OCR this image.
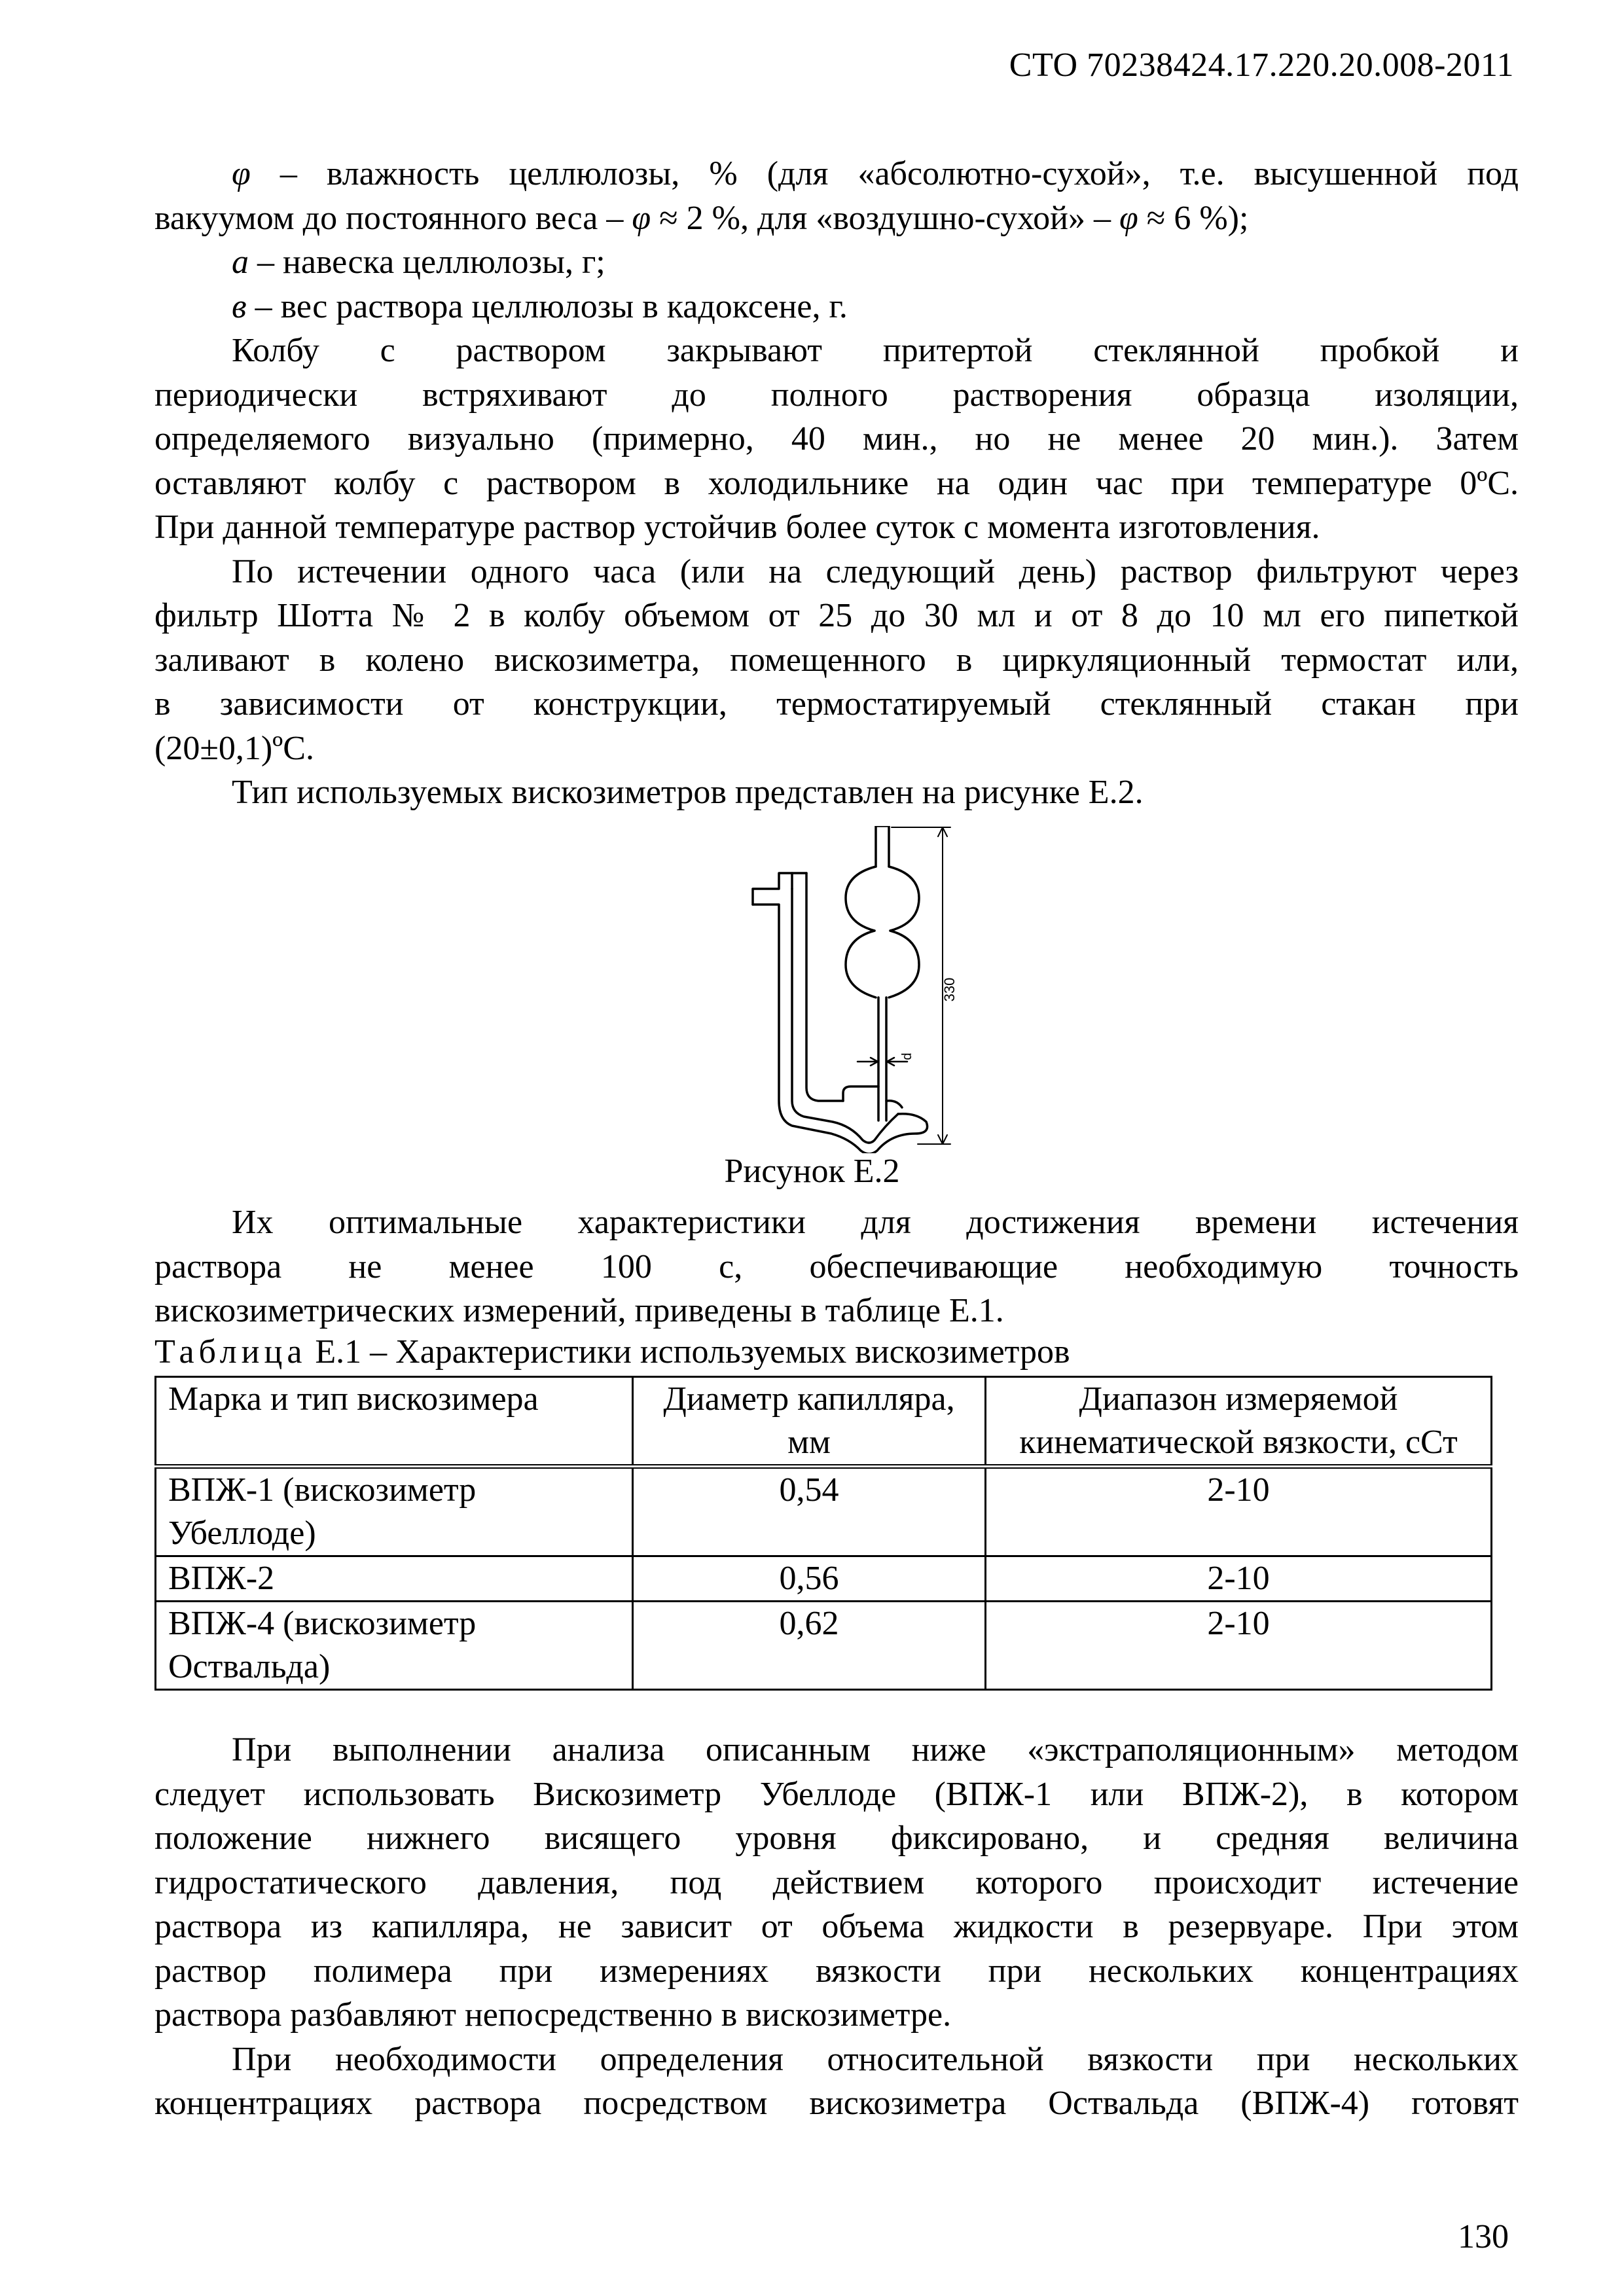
СТО 70238424.17.220.20.008-2011

φ – влажность целлюлозы, % (для «абсолютно-сухой», т.е. высушенной под

вакуумом до постоянного веса – φ ≈ 2 %, для «воздушно-сухой» – φ ≈ 6 %);

а – навеска целлюлозы, г;

в – вес раствора целлюлозы в кадоксене, г.

Колбу с раствором закрывают притертой стеклянной пробкой и

периодически встряхивают до полного растворения образца изоляции,

определяемого визуально (примерно, 40 мин., но не менее 20 мин.). Затем

оставляют колбу с раствором в холодильнике на один час при температуре 0ºС.

При данной температуре раствор устойчив более суток с момента изготовления.

По истечении одного часа (или на следующий день) раствор фильтруют через

фильтр Шотта № 2 в колбу объемом от 25 до 30 мл и от 8 до 10 мл его пипеткой

заливают в колено вискозиметра, помещенного в циркуляционный термостат или,

в зависимости от конструкции, термостатируемый стеклянный стакан при

(20±0,1)ºС.

Тип используемых вискозиметров представлен на рисунке Е.2.

330
d
Рисунок Е.2

Их оптимальные характеристики для достижения времени истечения

раствора не менее 100 с, обеспечивающие необходимую точность

вискозиметрических измерений, приведены в таблице Е.1.

Таблица Е.1 – Характеристики используемых вискозиметров
Марка и тип вискозимера	Диаметр капилляра, мм	Диапазон измеряемой кинематической вязкости, сСт
ВПЖ-1 (вискозиметр Убеллоде)	0,54	2-10
ВПЖ-2	0,56	2-10
ВПЖ-4 (вискозиметр Оствальда)	0,62	2-10

При выполнении анализа описанным ниже «экстраполяционным» методом

следует использовать Вискозиметр Убеллоде (ВПЖ-1 или ВПЖ-2), в котором

положение нижнего висящего уровня фиксировано, и средняя величина

гидростатического давления, под действием которого происходит истечение

раствора из капилляра, не зависит от объема жидкости в резервуаре. При этом

раствор полимера при измерениях вязкости при нескольких концентрациях

раствора разбавляют непосредственно в вискозиметре.

При необходимости определения относительной вязкости при нескольких

концентрациях раствора посредством вискозиметра Оствальда (ВПЖ-4) готовят

130
